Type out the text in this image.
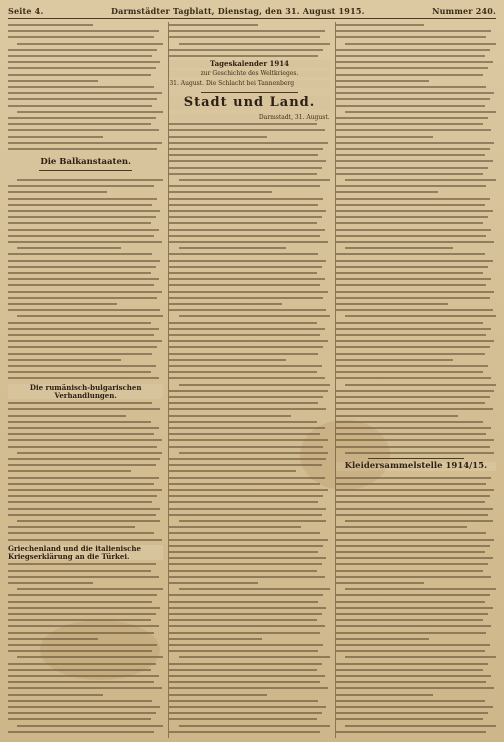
Seite 4.	Darmstädter Tagblatt, Dienstag, den 31. August 1915.	Nummer 240.
Die Balkanstaaten.
Die rumänisch-bulgarischen Verhandlungen.
Griechenland und die italienische Kriegserklärung an die Türkei.
Tageskalender 1914
zur Geschichte des Weltkrieges.
31. August. Die Schlacht bei Tannenberg
Stadt und Land.
Darmstadt, 31. August.
Kleidersammelstelle 1914/15.
